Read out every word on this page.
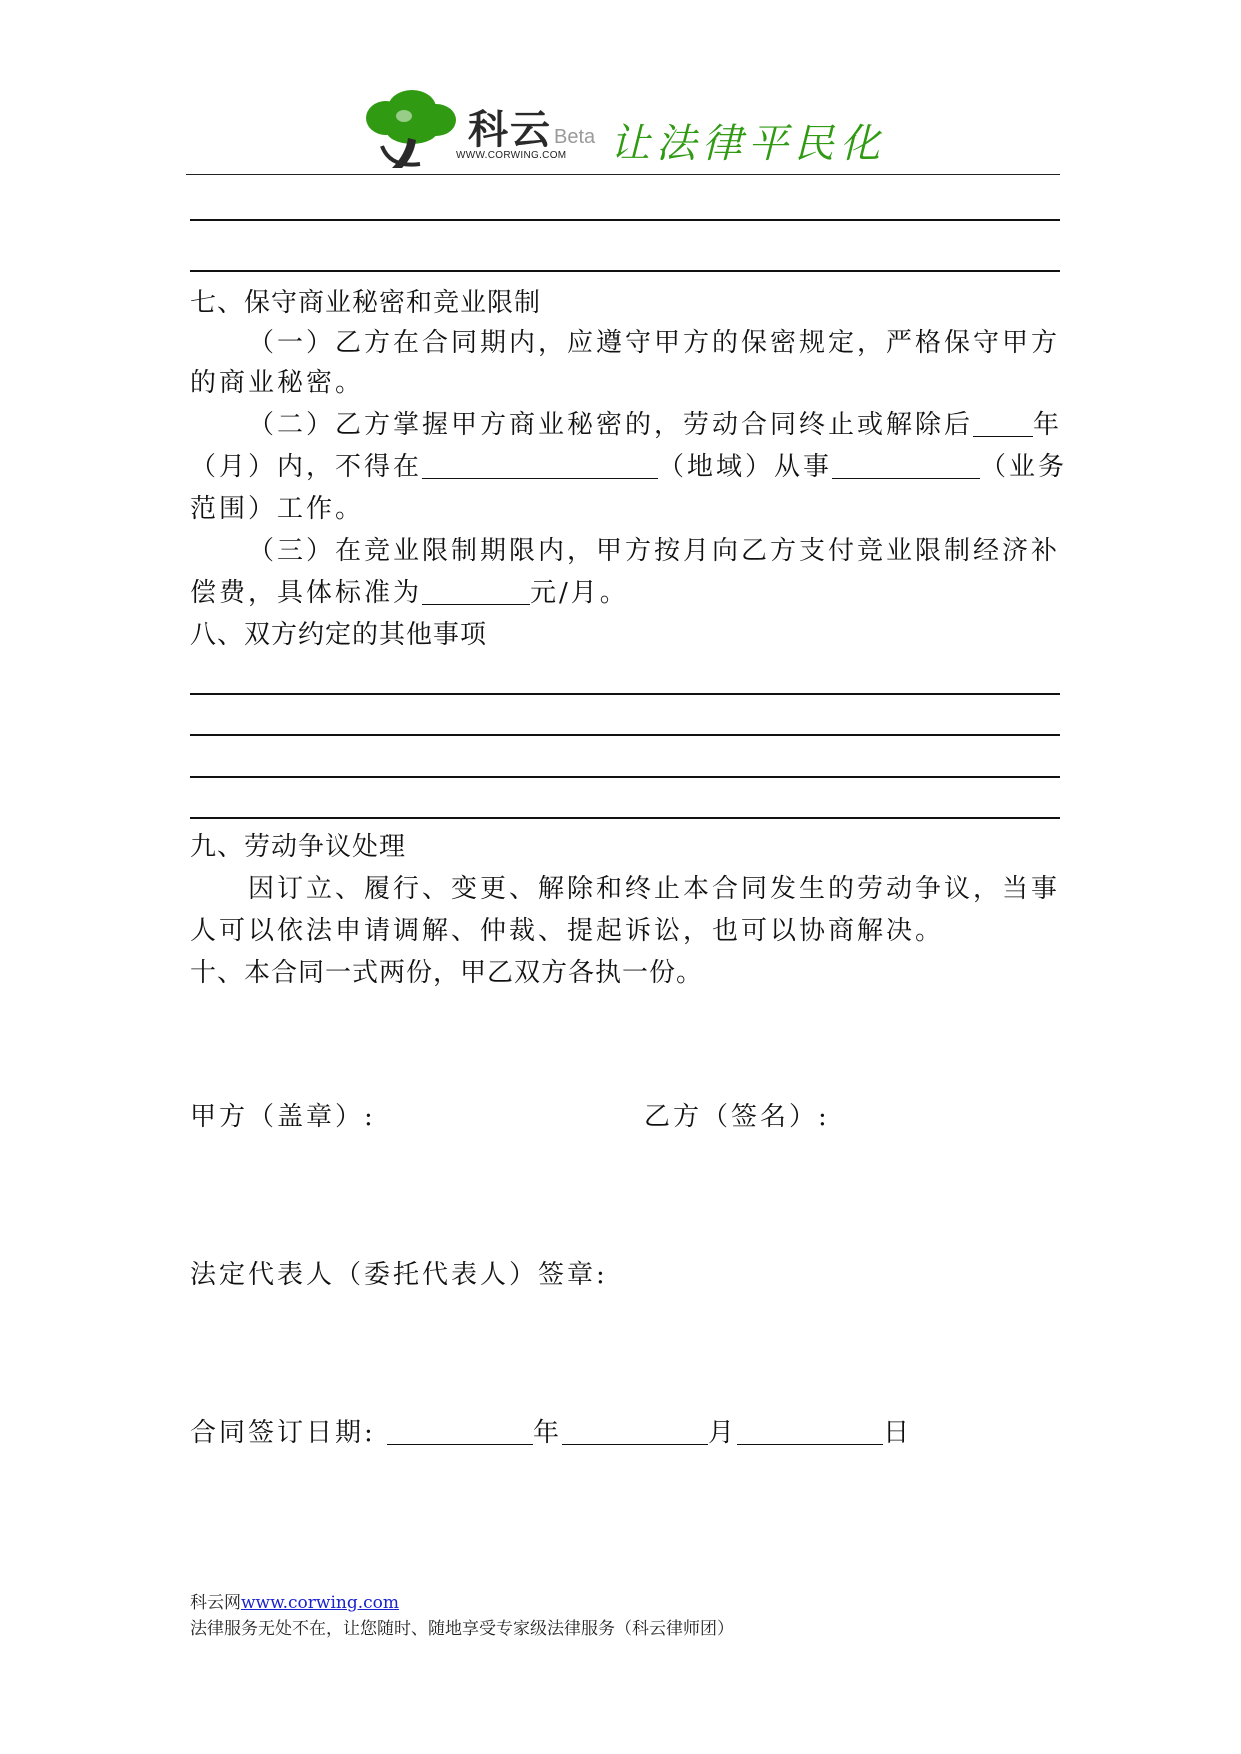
科云
WWW.CORWING.COM
Beta 让法律平民化
七、保守商业秘密和竞业限制
（一）乙方在合同期内，应遵守甲方的保密规定，严格保守甲方
的商业秘密。
（二）乙方掌握甲方商业秘密的，劳动合同终止或解除后 年
（月）内，不得在	（地域）从事	（业务
范围）工作。
（三）在竞业限制期限内，甲方按月向乙方支付竞业限制经济补
偿费，具体标准为	元/月。
八、双方约定的其他事项
九、劳动争议处理
因订立、履行、变更、解除和终止本合同发生的劳动争议，当事
人可以依法申请调解、仲裁、提起诉讼，也可以协商解决。
十、本合同一式两份，甲乙双方各执一份。
甲方（盖章）:	乙方（签名）:
法定代表人（委托代表人）签章:
合同签订日期:	年	月	日
科云网www.corwing.com
法律服务无处不在，让您随时、随地享受专家级法律服务（科云律师团）
